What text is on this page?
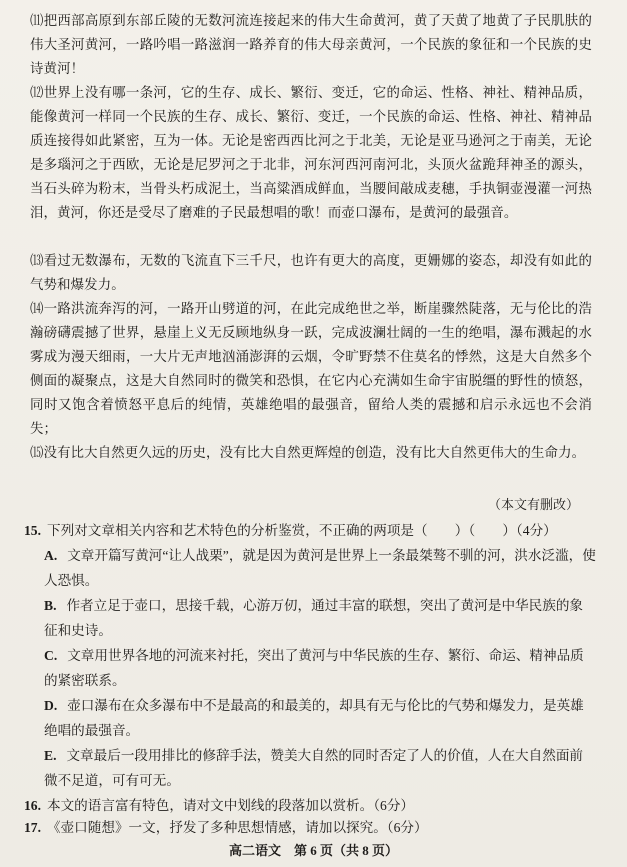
⑾把西部高原到东部丘陵的无数河流连接起来的伟大生命黄河，黄了天黄了地黄了子民肌肤的伟大圣河黄河，一路吟唱一路滋润一路养育的伟大母亲黄河，一个民族的象征和一个民族的史诗黄河！
⑿世界上没有哪一条河，它的生存、成长、繁衍、变迁，它的命运、性格、神社、精神品质，能像黄河一样同一个民族的生存、成长、繁衍、变迁，一个民族的命运、性格、神社、精神品质连接得如此紧密，互为一体。无论是密西西比河之于北美，无论是亚马逊河之于南美，无论是多瑙河之于西欧，无论是尼罗河之于北非，河东河西河南河北，头顶火盆跪拜神圣的源头，当石头碎为粉末，当骨头朽成泥土，当高粱酒成鲜血，当腰间敲成麦穗，手执铜壶漫灌一河热泪，黄河，你还是受尽了磨难的子民最想唱的歌！而壶口瀑布，是黄河的最强音。
⒀看过无数瀑布，无数的飞流直下三千尺，也许有更大的高度，更姗娜的姿态，却没有如此的气势和爆发力。
⒁一路洪流奔泻的河，一路开山劈道的河，在此完成绝世之举，断崖骤然陡落，无与伦比的浩瀚磅礴震撼了世界，悬崖上义无反顾地纵身一跃，完成波澜壮阔的一生的绝唱，瀑布溅起的水雾成为漫天细雨，一大片无声地汹涌澎湃的云烟，令旷野禁不住莫名的悸然，这是大自然多个侧面的凝聚点，这是大自然同时的微笑和恐惧，在它内心充满如生命宇宙脱缰的野性的愤怒，同时又饱含着愤怒平息后的纯情，英雄绝唱的最强音，留给人类的震撼和启示永远也不会消失；
⒂没有比大自然更久远的历史，没有比大自然更辉煌的创造，没有比大自然更伟大的生命力。
（本文有删改）
15. 下列对文章相关内容和艺术特色的分析鉴赏，不正确的两项是（　　）（　　）（4分）
A. 文章开篇写黄河“让人战栗”，就是因为黄河是世界上一条最桀骜不驯的河，洪水泛滥，使人恐惧。
B. 作者立足于壶口，思接千载，心游万仞，通过丰富的联想，突出了黄河是中华民族的象征和史诗。
C. 文章用世界各地的河流来衬托，突出了黄河与中华民族的生存、繁衍、命运、精神品质的紧密联系。
D. 壶口瀑布在众多瀑布中不是最高的和最美的，却具有无与伦比的气势和爆发力，是英雄绝唱的最强音。
E. 文章最后一段用排比的修辞手法，赞美大自然的同时否定了人的价值，人在大自然面前微不足道，可有可无。
16. 本文的语言富有特色，请对文中划线的段落加以赏析。（6分）
17. 《壶口随想》一文，抒发了多种思想情感，请加以探究。（6分）
高二语文　第 6 页（共 8 页）
